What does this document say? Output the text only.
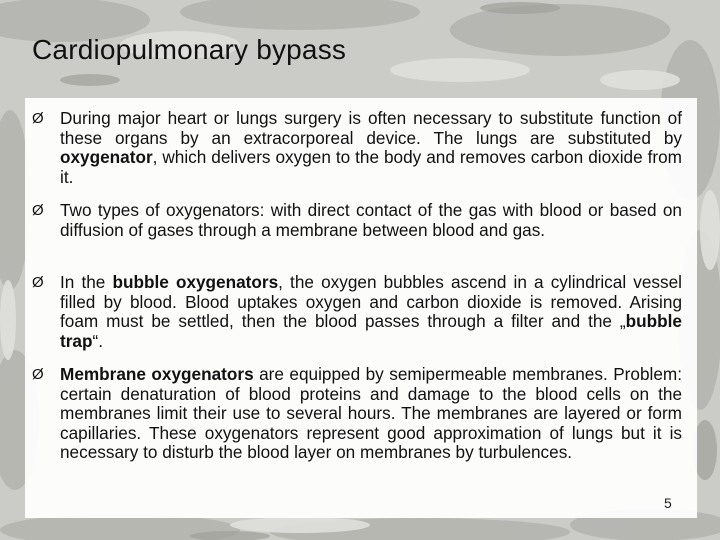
Cardiopulmonary bypass
Ø During major heart or lungs surgery is often necessary to substitute function of these organs by an extracorporeal device. The lungs are substituted by oxygenator, which delivers oxygen to the body and removes carbon dioxide from it.
Ø Two types of oxygenators: with direct contact of the gas with blood or based on diffusion of gases through a membrane between blood and gas.
Ø In the bubble oxygenators, the oxygen bubbles ascend in a cylindrical vessel filled by blood. Blood uptakes oxygen and carbon dioxide is removed. Arising foam must be settled, then the blood passes through a filter and the „bubble trap“.
Ø Membrane oxygenators are equipped by semipermeable membranes. Problem: certain denaturation of blood proteins and damage to the blood cells on the membranes limit their use to several hours. The membranes are layered or form capillaries. These oxygenators represent good approximation of lungs but it is necessary to disturb the blood layer on membranes by turbulences.
5
